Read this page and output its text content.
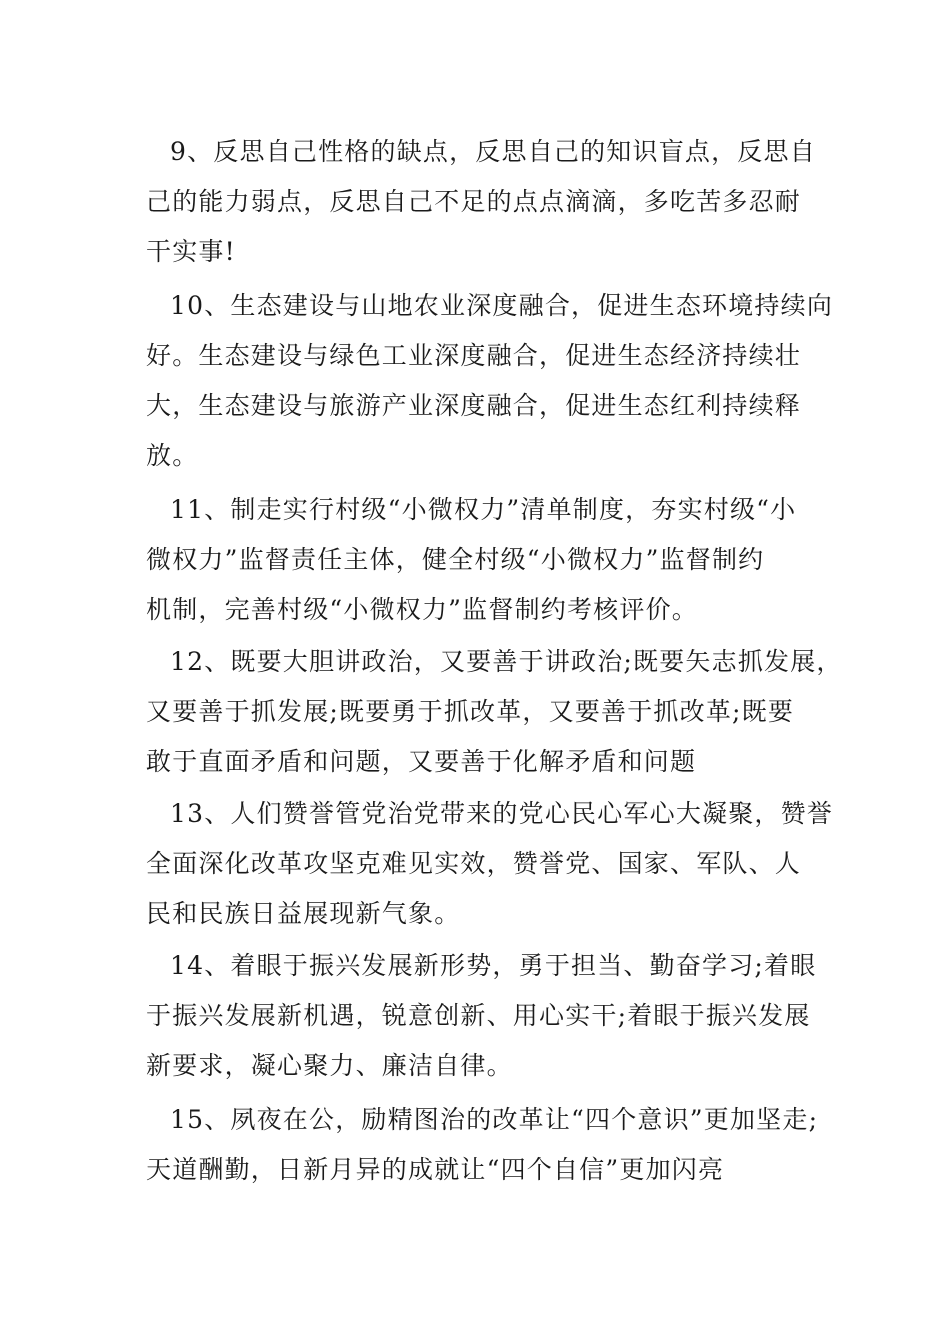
9、反思自己性格的缺点，反思自己的知识盲点，反思自
己的能力弱点，反思自己不足的点点滴滴，多吃苦多忍耐
干实事!
10、生态建设与山地农业深度融合，促进生态环境持续向
好。生态建设与绿色工业深度融合，促进生态经济持续壮
大，生态建设与旅游产业深度融合，促进生态红利持续释
放。
11、制走实行村级“小微权力”清单制度，夯实村级“小
微权力”监督责任主体，健全村级“小微权力”监督制约
机制，完善村级“小微权力”监督制约考核评价。
12、既要大胆讲政治，又要善于讲政治;既要矢志抓发展，
又要善于抓发展;既要勇于抓改革，又要善于抓改革;既要
敢于直面矛盾和问题，又要善于化解矛盾和问题
13、人们赞誉管党治党带来的党心民心军心大凝聚，赞誉
全面深化改革攻坚克难见实效，赞誉党、国家、军队、人
民和民族日益展现新气象。
14、着眼于振兴发展新形势，勇于担当、勤奋学习;着眼
于振兴发展新机遇，锐意创新、用心实干;着眼于振兴发展
新要求，凝心聚力、廉洁自律。
15、夙夜在公，励精图治的改革让“四个意识”更加坚走;
天道酬勤，日新月异的成就让“四个自信”更加闪亮
